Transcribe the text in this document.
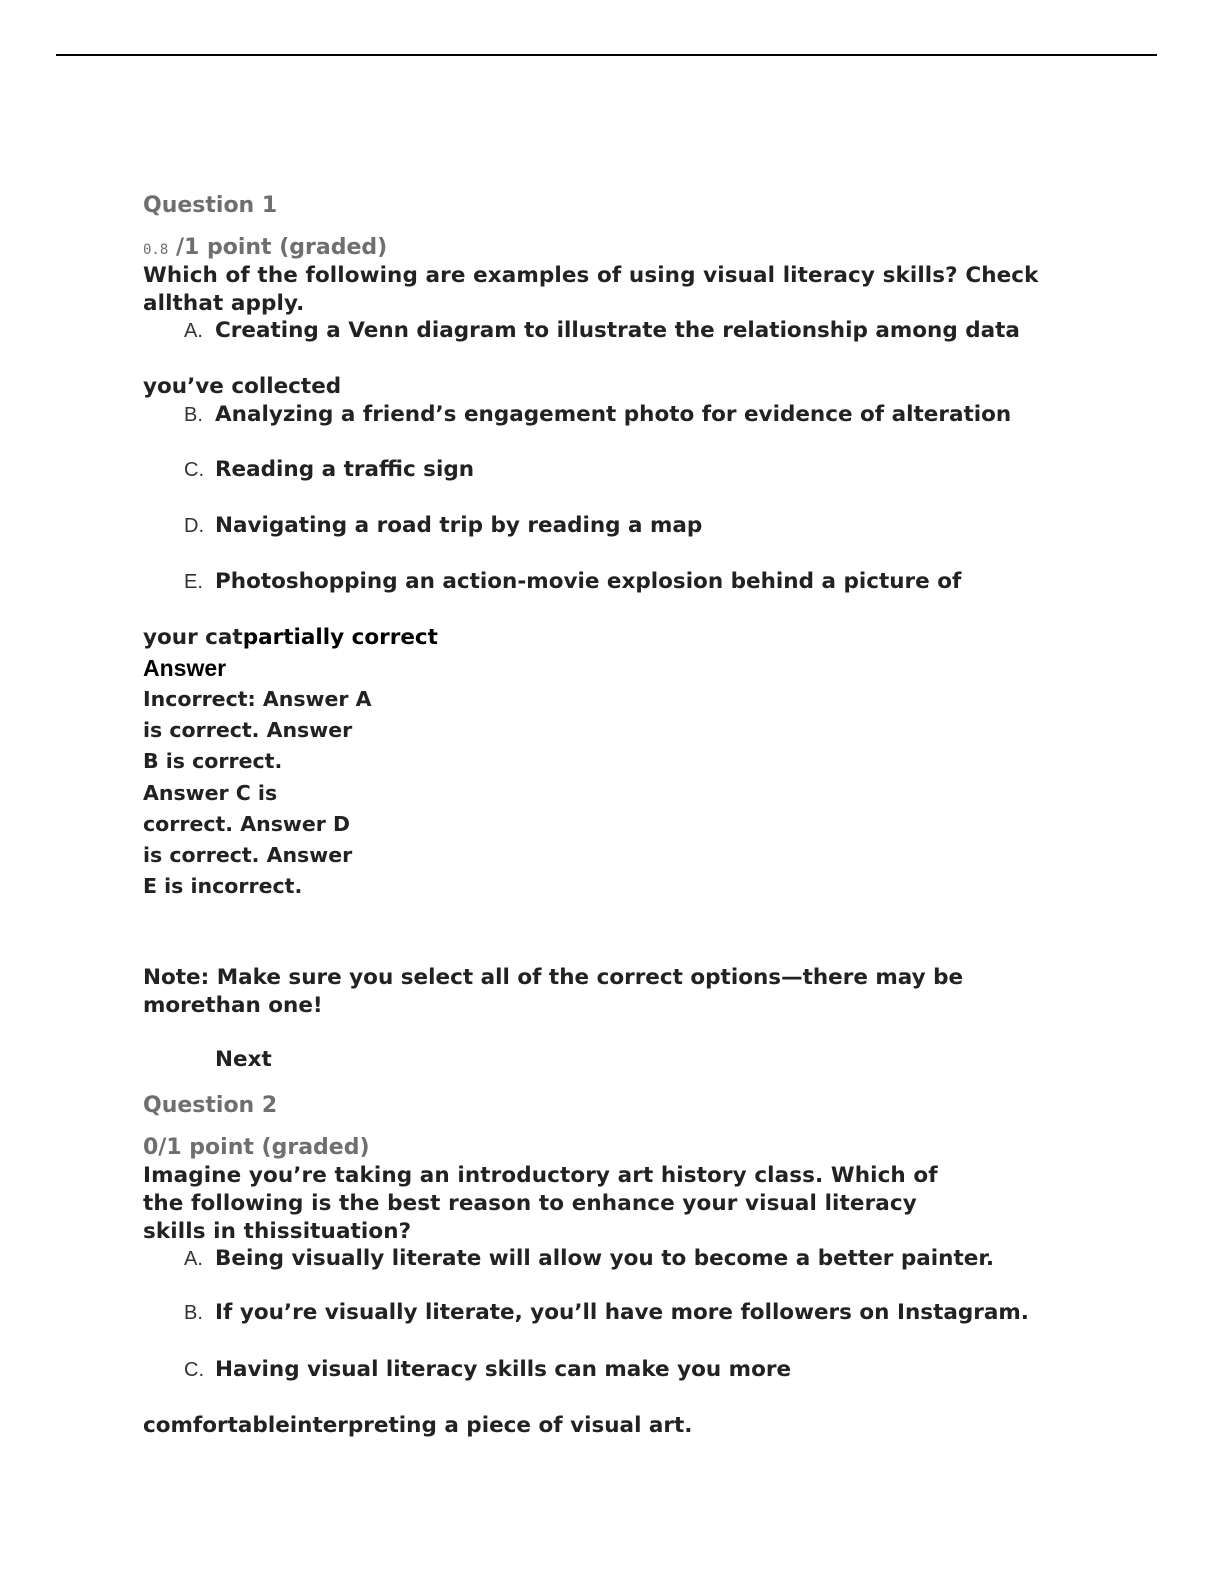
Question 1
0.8 /1 point (graded)
Which of the following are examples of using visual literacy skills? Check
allthat apply.
A. Creating a Venn diagram to illustrate the relationship among data
you’ve collected
B. Analyzing a friend’s engagement photo for evidence of alteration
C. Reading a traffic sign
D. Navigating a road trip by reading a map
E. Photoshopping an action-movie explosion behind a picture of
your catpartially correct
Answer
Incorrect: Answer A is correct. Answer B is correct. Answer C is correct. Answer D is correct. Answer E is incorrect.
Note: Make sure you select all of the correct options—there may be
morethan one!
Next
Question 2
0/1 point (graded)
Imagine you’re taking an introductory art history class. Which of
the following is the best reason to enhance your visual literacy
skills in thissituation?
A. Being visually literate will allow you to become a better painter.
B. If you’re visually literate, you’ll have more followers on Instagram.
C. Having visual literacy skills can make you more
comfortableinterpreting a piece of visual art.
